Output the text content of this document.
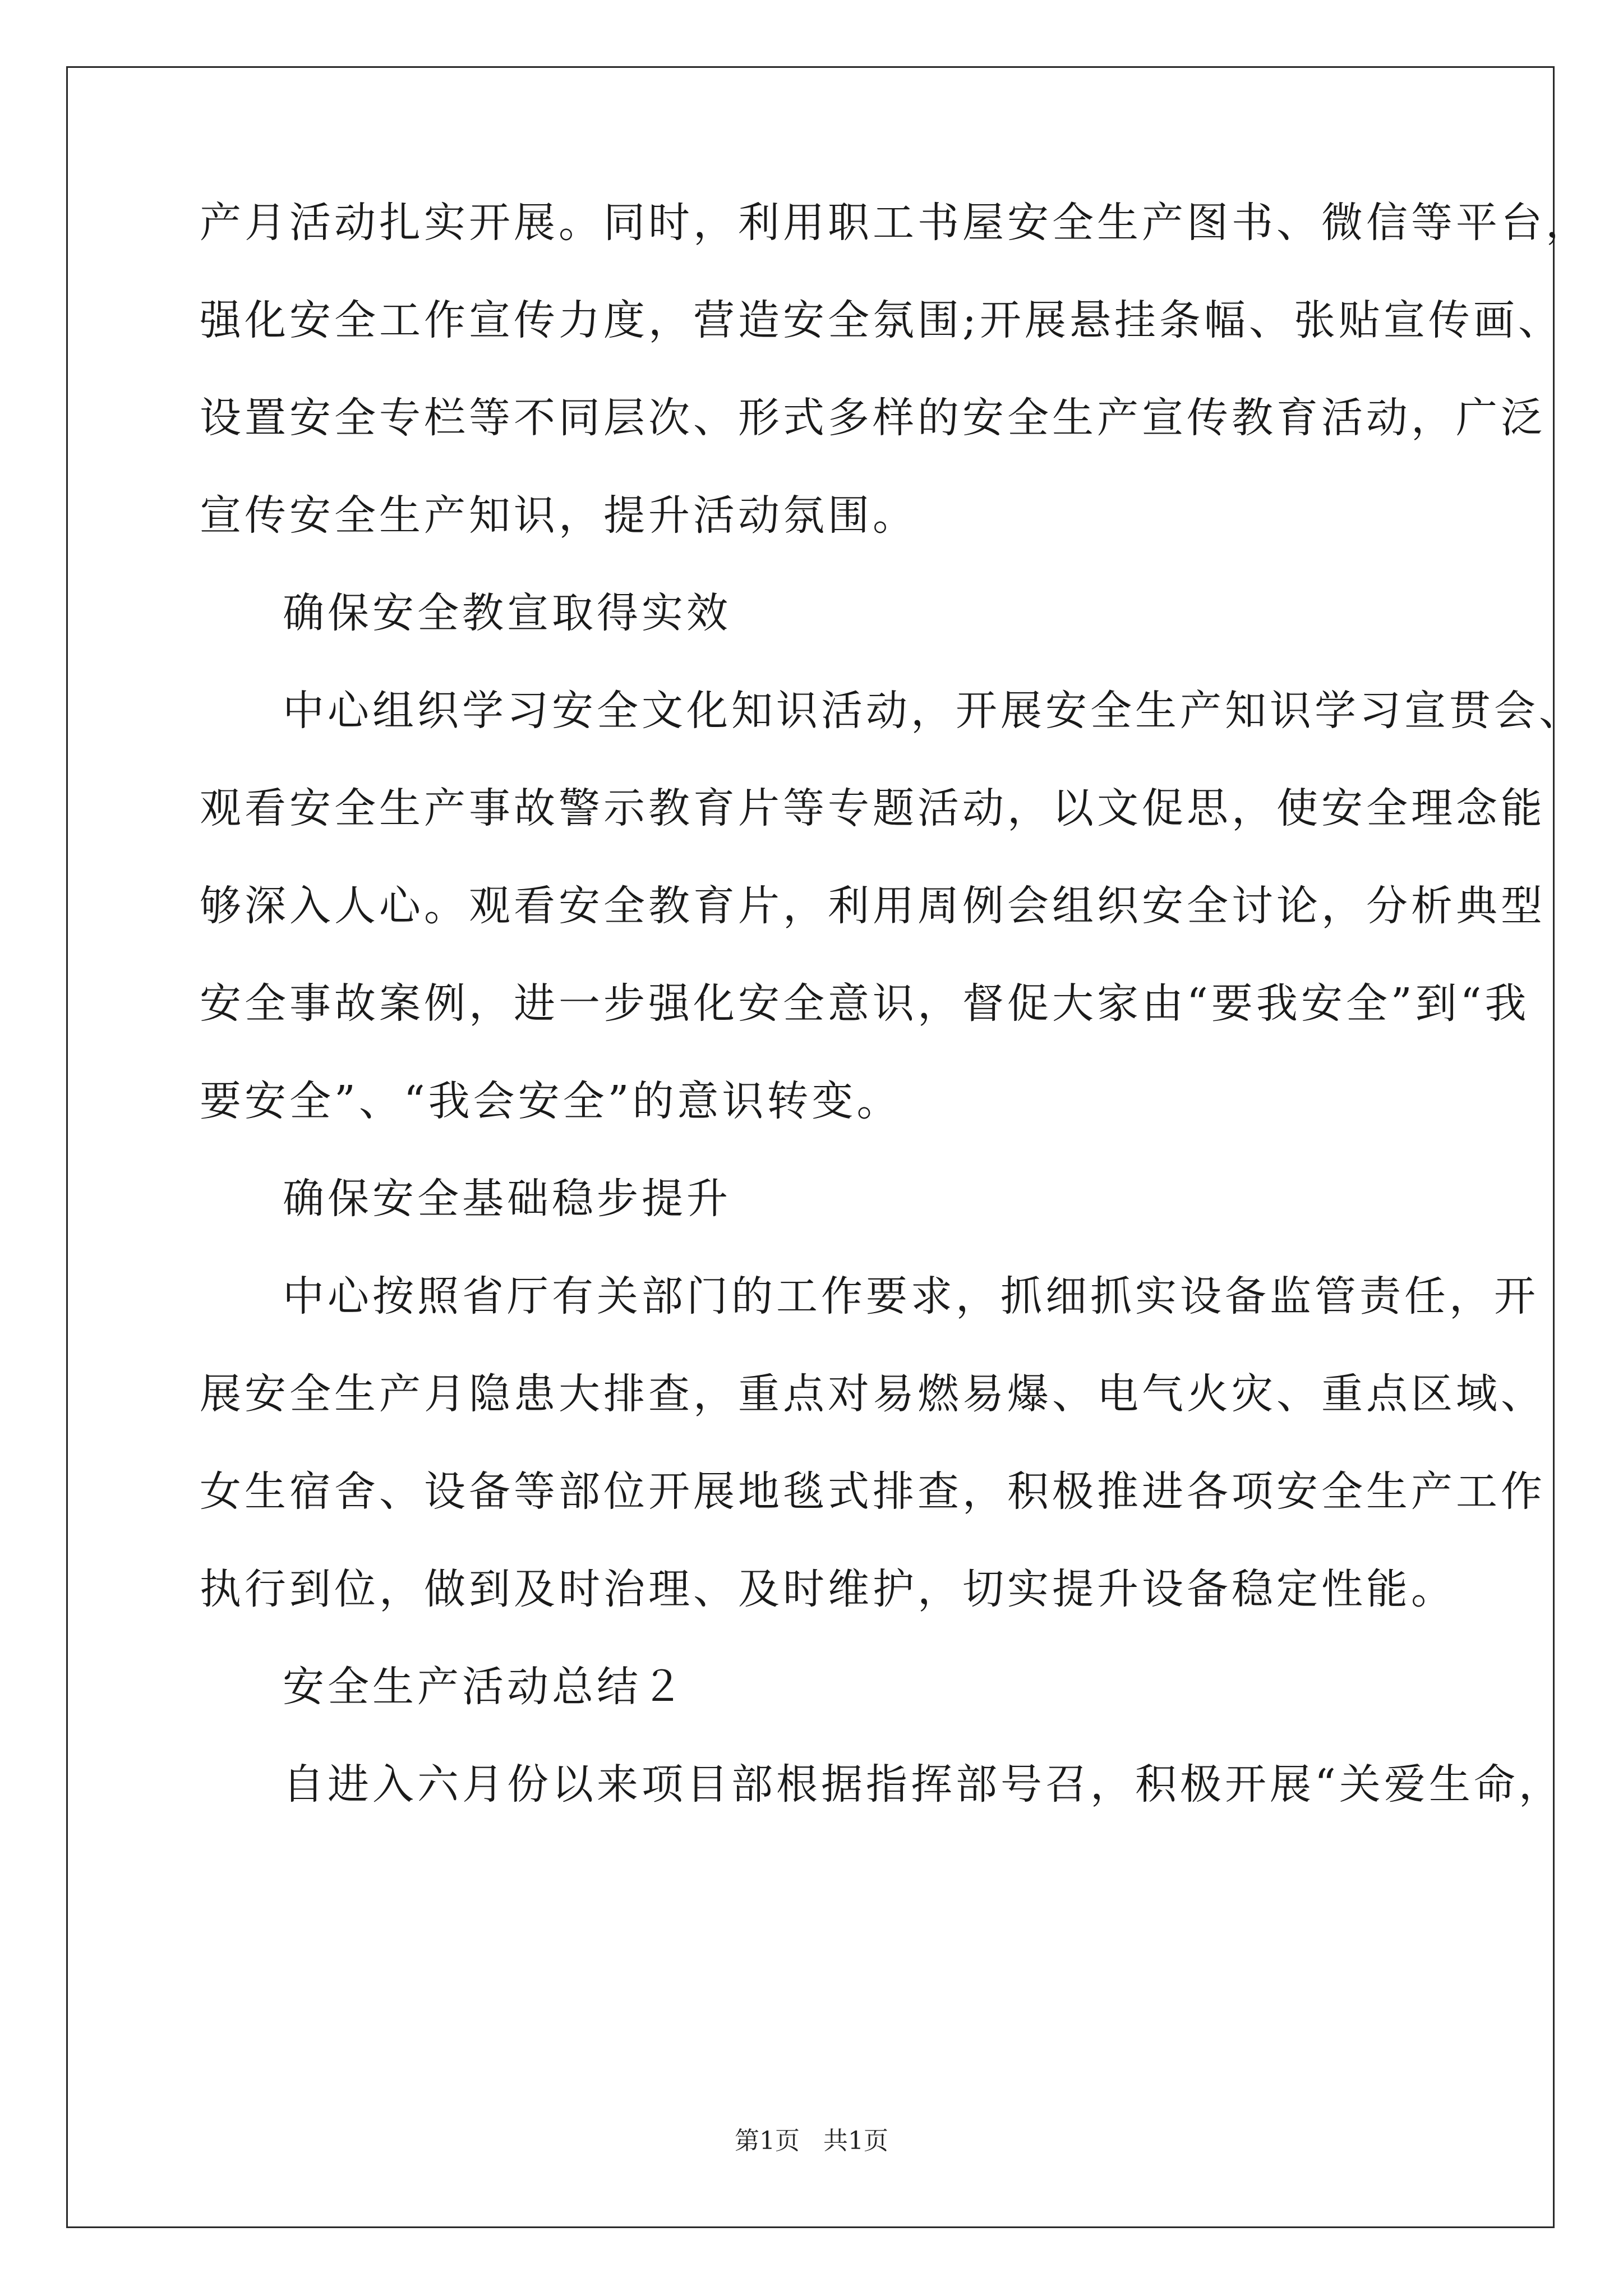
产月活动扎实开展。同时，利用职工书屋安全生产图书、微信等平台，
强化安全工作宣传力度，营造安全氛围;开展悬挂条幅、张贴宣传画、
设置安全专栏等不同层次、形式多样的安全生产宣传教育活动，广泛
宣传安全生产知识，提升活动氛围。
确保安全教宣取得实效
中心组织学习安全文化知识活动，开展安全生产知识学习宣贯会、
观看安全生产事故警示教育片等专题活动，以文促思，使安全理念能
够深入人心。观看安全教育片，利用周例会组织安全讨论，分析典型
安全事故案例，进一步强化安全意识，督促大家由“要我安全”到“我
要安全”、“我会安全”的意识转变。
确保安全基础稳步提升
中心按照省厅有关部门的工作要求，抓细抓实设备监管责任，开
展安全生产月隐患大排查，重点对易燃易爆、电气火灾、重点区域、
女生宿舍、设备等部位开展地毯式排查，积极推进各项安全生产工作
执行到位，做到及时治理、及时维护，切实提升设备稳定性能。
安全生产活动总结２
自进入六月份以来项目部根据指挥部号召，积极开展“关爱生命，
第1页 共1页
